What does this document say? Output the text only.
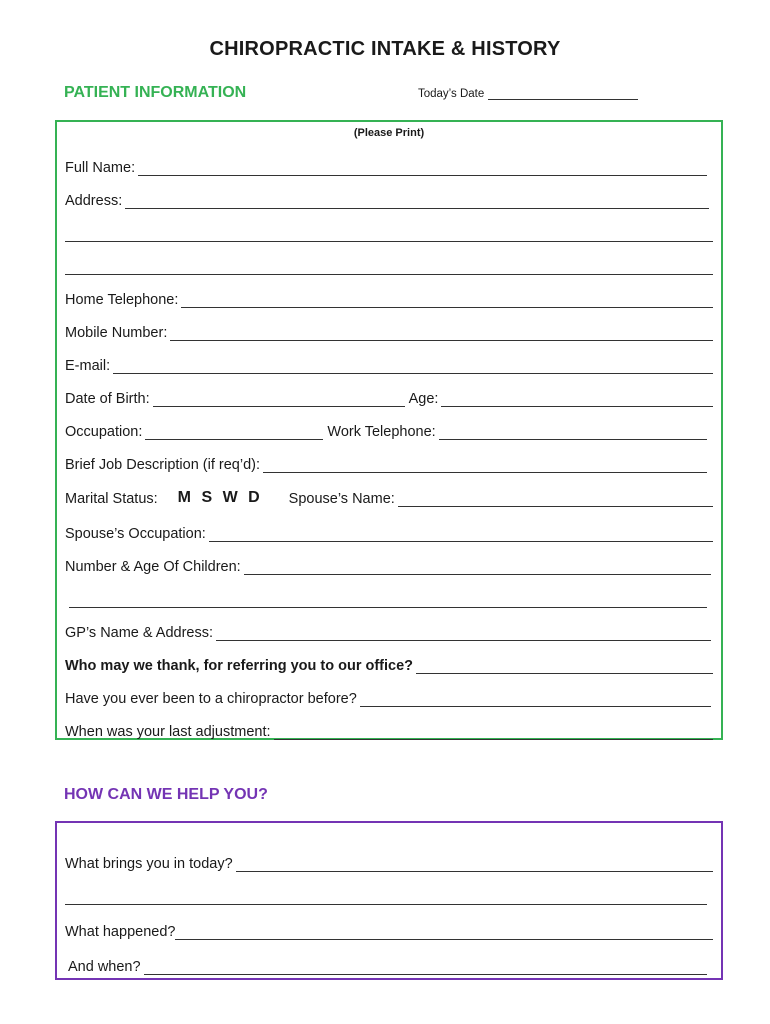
CHIROPRACTIC INTAKE & HISTORY
PATIENT INFORMATION	Today’s Date
(Please Print)
Full Name:
Address:
Home Telephone:
Mobile Number:
E-mail:
Date of Birth:	Age:
Occupation:	Work Telephone:
Brief Job Description (if req’d):
Marital Status: M S W D Spouse’s Name:
Spouse’s Occupation:
Number & Age Of Children:
GP’s Name & Address:
Who may we thank, for referring you to our office?
Have you ever been to a chiropractor before?
When was your last adjustment:
HOW CAN WE HELP YOU?
What brings you in today?
What happened?
And when?
